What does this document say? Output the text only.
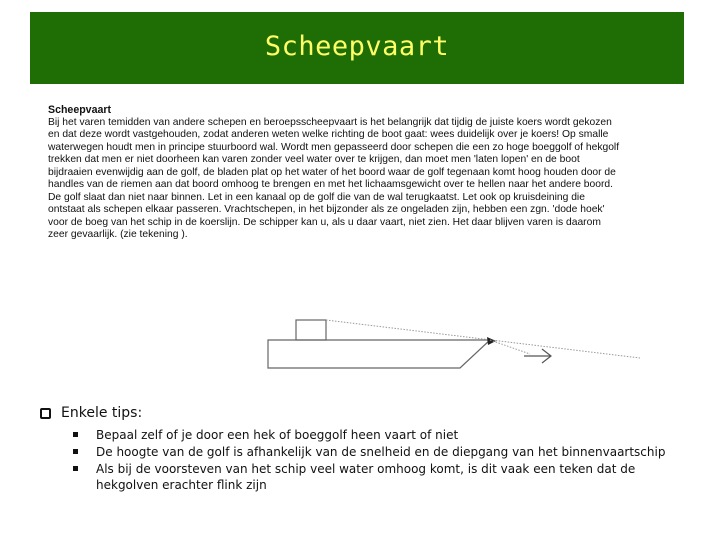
Scheepvaart

Scheepvaart

Bij het varen temidden van andere schepen en beroepsscheepvaart is het belangrijk dat tijdig de juiste koers wordt gekozen en dat deze wordt vastgehouden, zodat anderen weten welke richting de boot gaat: wees duidelijk over je koers! Op smalle waterwegen houdt men in principe stuurboord wal. Wordt men gepasseerd door schepen die een zo hoge boeggolf of hekgolf trekken dat men er niet doorheen kan varen zonder veel water over te krijgen, dan moet men 'laten lopen' en de boot bijdraaien evenwijdig aan de golf, de bladen plat op het water of het boord waar de golf tegenaan komt hoog houden door de handles van de riemen aan dat boord omhoog te brengen en met het lichaamsgewicht over te hellen naar het andere boord. De golf slaat dan niet naar binnen. Let in een kanaal op de golf die van de wal terugkaatst. Let ook op kruisdeining die ontstaat als schepen elkaar passeren. Vrachtschepen, in het bijzonder als ze ongeladen zijn, hebben een zgn. 'dode hoek' voor de boeg van het schip in de koerslijn. De schipper kan u, als u daar vaart, niet zien. Het daar blijven varen is daarom zeer gevaarlijk. (zie tekening ).

Enkele tips:
Bepaal zelf of je door een hek of boeggolf heen vaart of niet
De hoogte van de golf is afhankelijk van de snelheid en de diepgang van het binnenvaartschip
Als bij de voorsteven van het schip veel water omhoog komt, is dit vaak een teken dat de hekgolven erachter flink zijn
